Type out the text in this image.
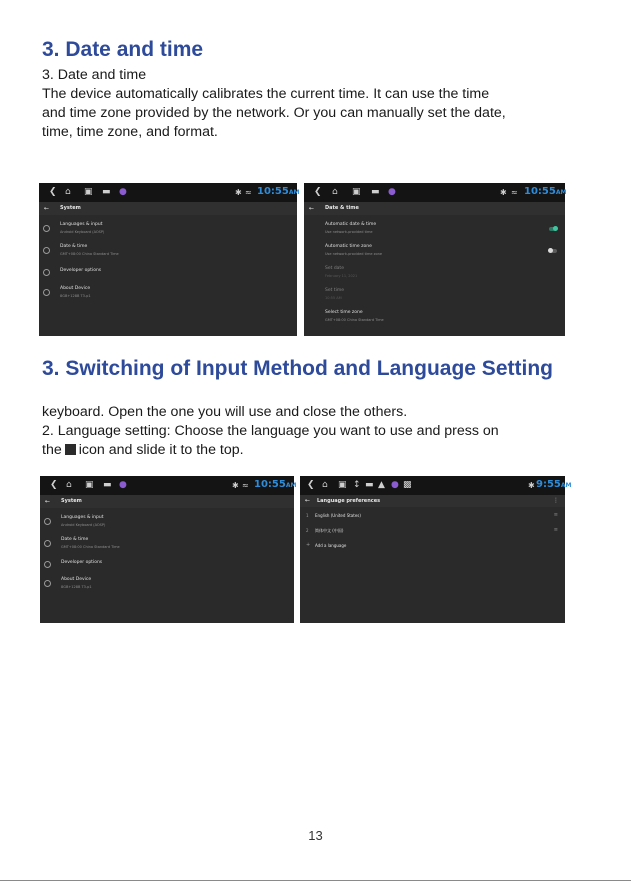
3. Date and time
3. Date and time
The device automatically calibrates the current time. It can use the time
and time zone provided by the network. Or you can manually set the date,
time, time zone, and format.
❮ ⌂ ▣ ▬ ●	✱ ≈ 10:55AM
← System
Languages & input
Android Keyboard (AOSP)
Date & time
GMT+08:00 China Standard Time
Developer options
About Device
8GB+128B T3-p1
❮ ⌂ ▣ ▬ ●	✱ ≈ 10:55AM
← Date & time
Automatic date & time
Use network-provided time
Automatic time zone
Use network-provided time zone
Set date
February 11, 2021
Set time
10:55 AM
Select time zone
GMT+08:00 China Standard Time
3. Switching of Input Method and Language Setting
keyboard. Open the one you will use and close the others.
2. Language setting: Choose the language you want to use and press on
the icon and slide it to the top.
❮ ⌂ ▣ ▬ ●	✱ ≈ 10:55AM
← System
Languages & input
Android Keyboard (AOSP)
Date & time
GMT+08:00 China Standard Time
Developer options
About Device
8GB+128B T3-p1
❮ ⌂ ▣ ↕ ▬ ▲ ● ▩	✱ 9:55AM
← Language preferences	⋮
1 English (United States)	≡
2 简体中文 (中国)	≡
+ Add a language
13
